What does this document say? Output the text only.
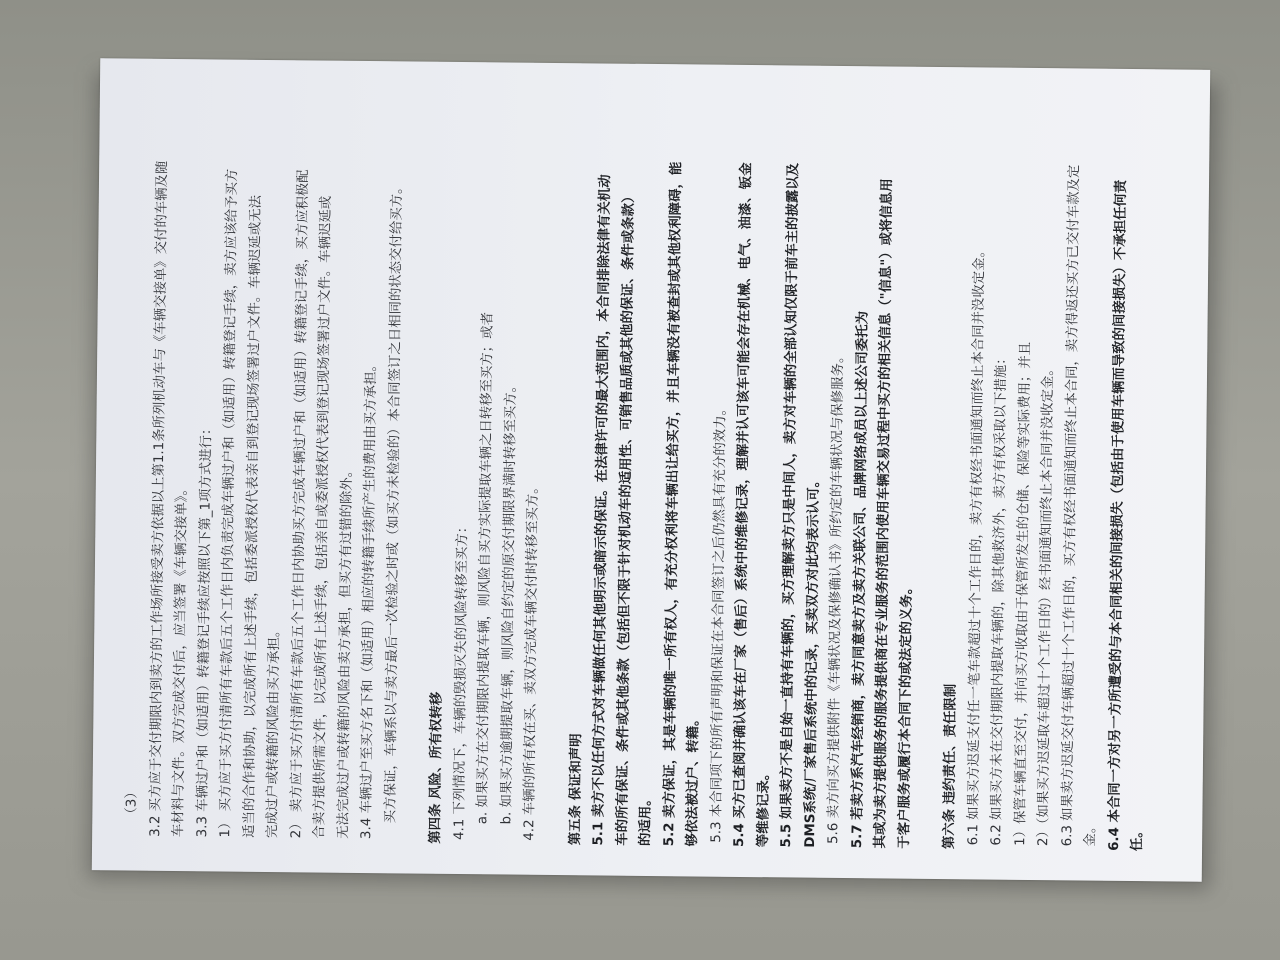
（3） 3.2 买方应于交付期限内到卖方的工作场所接受卖方依据以上第1.1条所列机动车与《车辆交接单》交付的车辆及随 车材料与文件。双方完成交付后，应当签署《车辆交接单》。 3.3 车辆过户和（如适用）转籍登记手续应按照以下第_1项方式进行： 1） 买方应于买方付清所有车款后五个工作日内负责完成车辆过户和（如适用）转籍登记手续，卖方应该给予买方 适当的合作和协助，以完成所有上述手续，包括委派授权代表亲自到登记现场签署过户文件。车辆迟延或无法 完成过户或转籍的风险由买方承担。 2） 卖方应于买方付清所有车款后五个工作日内协助买方完成车辆过户和（如适用）转籍登记手续，买方应积极配 合卖方提供所需文件，以完成所有上述手续，包括亲自或委派授权代表到登记现场签署过户文件。车辆迟延或 无法完成过户或转籍的风险由卖方承担，但买方有过错的除外。 3.4 车辆过户至买方名下和（如适用）相应的转籍手续所产生的费用由买方承担。 买方保证，车辆系以与卖方最后一次检验之时或（如买方未检验的）本合同签订之日相同的状态交付给买方。	第四条 风险、所有权转移 4.1 下列情况下，车辆的毁损灭失的风险转移至买方： a. 如果买方在交付期限内提取车辆，则风险自买方实际提取车辆之日转移至买方；或者 b. 如果买方逾期提取车辆，则风险自约定的原交付期限界满时转移至买方。 4.2 车辆的所有权在买、卖双方完成车辆交付时转移至买方。	第五条 保证和声明 5.1 卖方不以任何方式对车辆做任何其他明示或暗示的保证。在法律许可的最大范围内，本合同排除法律有关机动 车的所有保证、条件或其他条款（包括但不限于针对机动车的适用性、可销售品质或其他的保证、条件或条款） 的适用。 5.2 卖方保证，其是车辆的唯一所有权人，有充分权利将车辆出让给买方，并且车辆没有被查封或其他权利障碍，能 够依法被过户、转籍。 5.3 本合同项下的所有声明和保证在本合同签订之后仍然具有充分的效力。 5.4 买方已查阅并确认该车在厂家（售后）系统中的维修记录，理解并认可该车可能会存在机械、电气、油漆、钣金 等维修记录。 5.5 如果卖方不是自始一直持有车辆的，买方理解卖方只是中间人，卖方对车辆的全部认知仅限于前车主的披露以及 DMS系统/厂家售后系统中的记录，买卖双方对此均表示认可。 5.6 卖方向买方提供附件《车辆状况及保修确认书》所约定的车辆状况与保修服务。 5.7 若卖方系汽车经销商，卖方同意卖方及卖方关联公司、品牌网络成员以上述公司委托为 其或为卖方提供服务的服务提供商在专业服务的范围内使用车辆交易过程中买方的相关信息（"信息"）或将信息用 于客户服务或履行本合同下的或法定的义务。	第六条 违约责任、责任限制 6.1 如果买方迟延支付任一笔车款超过十个工作日的，卖方有权经书面通知而终止本合同并没收定金。 6.2 如果买方未在交付期限内提取车辆的，除其他救济外，卖方有权采取以下措施： 1）保管车辆直至交付，并向买方收取由于保管所发生的仓储、保险等实际费用；并且 2）（如果买方迟延取车超过十个工作日的）经书面通知而终止本合同并没收定金。 6.3 如果卖方迟延交付车辆超过十个工作日的，买方有权经书面通知而终止本合同，卖方得返还买方已交付车款及定 金。 6.4 本合同一方对另一方所遭受的与本合同相关的间接损失（包括由于使用车辆而导致的间接损失）不承担任何责 任。
